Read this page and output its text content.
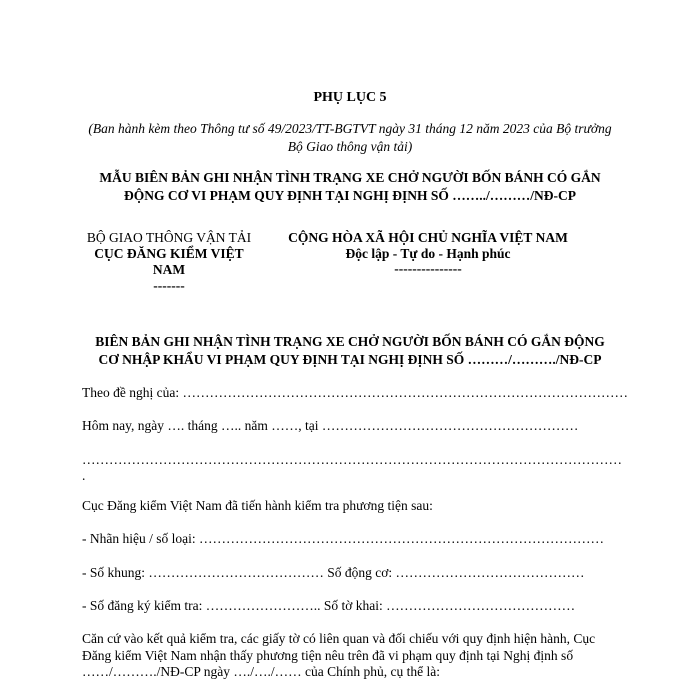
PHỤ LỤC 5
(Ban hành kèm theo Thông tư số 49/2023/TT-BGTVT ngày 31 tháng 12 năm 2023 của Bộ trưởng
Bộ Giao thông vận tải)
MẪU BIÊN BẢN GHI NHẬN TÌNH TRẠNG XE CHỞ NGƯỜI BỐN BÁNH CÓ GẮN
ĐỘNG CƠ VI PHẠM QUY ĐỊNH TẠI NGHỊ ĐỊNH SỐ ……../………/NĐ-CP
BỘ GIAO THÔNG VẬN TẢI
CỤC ĐĂNG KIỂM VIỆT
NAM
-------
CỘNG HÒA XÃ HỘI CHỦ NGHĨA VIỆT NAM
Độc lập - Tự do - Hạnh phúc
---------------
BIÊN BẢN GHI NHẬN TÌNH TRẠNG XE CHỞ NGƯỜI BỐN BÁNH CÓ GẮN ĐỘNG
CƠ NHẬP KHẨU VI PHẠM QUY ĐỊNH TẠI NGHỊ ĐỊNH SỐ ………/………./NĐ-CP
Theo đề nghị của: ………………………………………………………………………………………
Hôm nay, ngày …. tháng ….. năm ……, tại …………………………………………………
…………………………………………………………………………………………………………
.
Cục Đăng kiểm Việt Nam đã tiến hành kiểm tra phương tiện sau:
- Nhãn hiệu / số loại: ………………………………………………………………………………
- Số khung: ………………………………… Số động cơ: ……………………………………
- Số đăng ký kiểm tra: …………………….. Số tờ khai: ……………………………………
Căn cứ vào kết quả kiểm tra, các giấy tờ có liên quan và đối chiếu với quy định hiện hành, Cục
Đăng kiểm Việt Nam nhận thấy phương tiện nêu trên đã vi phạm quy định tại Nghị định số
……/………./NĐ-CP ngày …./…./…… của Chính phủ, cụ thể là:
